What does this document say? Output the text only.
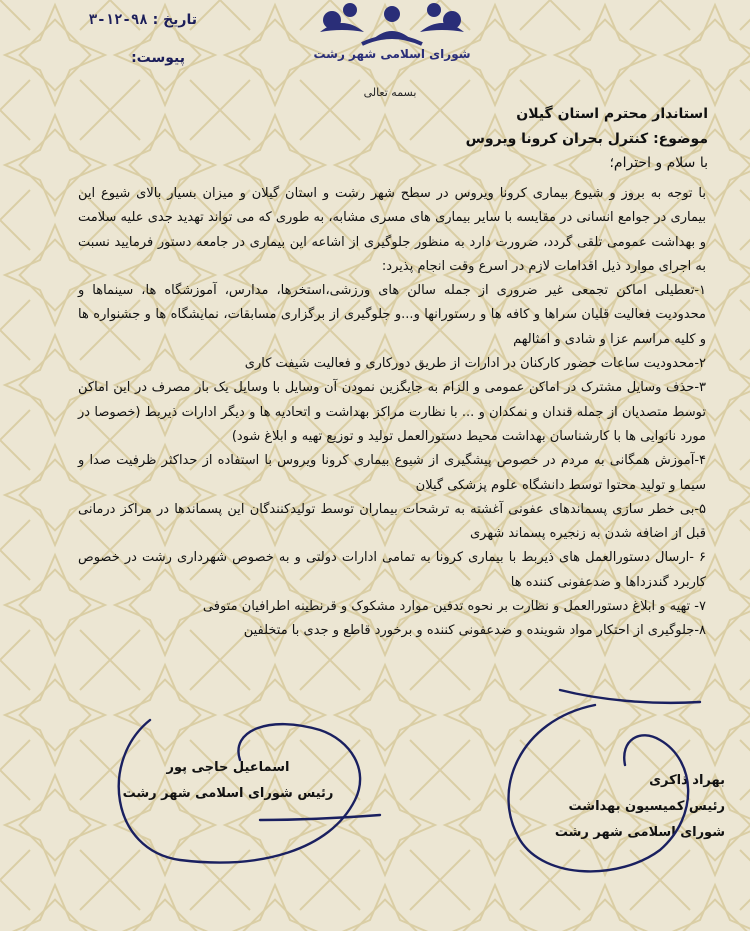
شورای اسلامی شهر رشت
تاریخ : ۹۸-۱۲-۳
پیوست:
بسمه تعالی
استاندار محترم استان گیلان
موضوع: کنترل بحران کرونا ویروس
با سلام و احترام؛

با توجه به بروز و شیوع بیماری کرونا ویروس در سطح شهر رشت و استان گیلان و میزان بسیار بالای شیوع این بیماری در جوامع انسانی در مقایسه با سایر بیماری های مسری مشابه، به طوری که می تواند تهدید جدی علیه سلامت و بهداشت عمومی تلقی گردد، ضرورت دارد به منظور جلوگیری از اشاعه این بیماری در جامعه دستور فرمایید نسبت به اجرای موارد ذیل اقدامات لازم در اسرع وقت انجام پذیرد:

۱-تعطیلی اماکن تجمعی غیر ضروری از جمله سالن های ورزشی،استخرها، مدارس، آموزشگاه ها، سینماها و محدودیت فعالیت قلیان سراها و کافه ها و رستورانها و...و جلوگیری از برگزاری مسابقات، نمایشگاه ها و جشنواره ها و کلیه مراسم عزا و شادی و امثالهم

۲-محدودیت ساعات حضور کارکنان در ادارات از طریق دورکاری و فعالیت شیفت کاری

۳-حذف وسایل مشترک در اماکن عمومی و الزام به جایگزین نمودن آن وسایل با وسایل یک بار مصرف در این اماکن توسط متصدیان از جمله قندان و نمکدان و ... با نظارت مراکز بهداشت و اتحادیه ها و دیگر ادارات ذیربط (خصوصا در مورد نانوایی ها با کارشناسان بهداشت محیط دستورالعمل تولید و توزیع تهیه و ابلاغ شود)

۴-آموزش همگانی به مردم در خصوص پیشگیری از شیوع بیماری کرونا ویروس با استفاده از حداکثر ظرفیت صدا و سیما و تولید محتوا توسط دانشگاه علوم پزشکی گیلان

۵-بی خطر سازی پسماندهای عفونی آغشته به ترشحات بیماران توسط تولیدکنندگان این پسماندها در مراکز درمانی قبل از اضافه شدن به زنجیره پسماند شهری

۶ -ارسال دستورالعمل های ذیربط با بیماری کرونا به تمامی ادارات دولتی و به خصوص شهرداری رشت در خصوص کاربرد گندزداها و ضدعفونی کننده ها

۷- تهیه و ابلاغ دستورالعمل و نظارت بر نحوه تدفین موارد مشکوک و قرنطینه اطرافیان متوفی

۸-جلوگیری از احتکار مواد شوینده و ضدعفونی کننده و برخورد قاطع و جدی با متخلفین

اسماعیل حاجی پور
رئیس شورای اسلامی شهر رشت
بهراد ذاکری
رئیس کمیسیون بهداشت
شورای اسلامی شهر رشت
